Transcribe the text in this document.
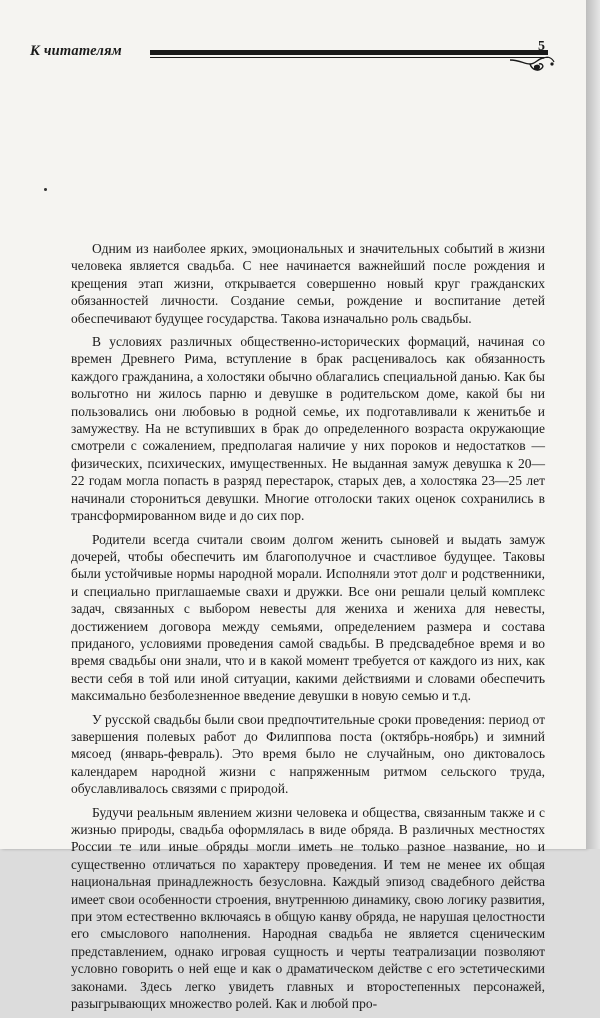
К читателям	5

Одним из наиболее ярких, эмоциональных и значительных событий в жизни человека является свадьба. С нее начинается важнейший после рождения и крещения этап жизни, открывается совершенно новый круг гражданских обязанностей личности. Создание семьи, рождение и воспитание детей обеспечивают будущее государства. Такова изначально роль свадьбы.

В условиях различных общественно-исторических формаций, начиная со времен Древнего Рима, вступление в брак расценивалось как обязанность каждого гражданина, а холостяки обычно облагались специальной данью. Как бы вольготно ни жилось парню и девушке в родительском доме, какой бы ни пользовались они любовью в родной семье, их подготавливали к женитьбе и замужеству. На не вступивших в брак до определенного возраста окружающие смотрели с сожалением, предполагая наличие у них пороков и недостатков — физических, психических, имущественных. Не выданная замуж девушка к 20—22 годам могла попасть в разряд перестарок, старых дев, а холостяка 23—25 лет начинали сторониться девушки. Многие отголоски таких оценок сохранились в трансформированном виде и до сих пор.

Родители всегда считали своим долгом женить сыновей и выдать замуж дочерей, чтобы обеспечить им благополучное и счастливое будущее. Таковы были устойчивые нормы народной морали. Исполняли этот долг и родственники, и специально приглашаемые свахи и дружки. Все они решали целый комплекс задач, связанных с выбором невесты для жениха и жениха для невесты, достижением договора между семьями, определением размера и состава приданого, условиями проведения самой свадьбы. В предсвадебное время и во время свадьбы они знали, что и в какой момент требуется от каждого из них, как вести себя в той или иной ситуации, какими действиями и словами обеспечить максимально безболезненное введение девушки в новую семью и т.д.

У русской свадьбы были свои предпочтительные сроки проведения: период от завершения полевых работ до Филиппова поста (октябрь-ноябрь) и зимний мясоед (январь-февраль). Это время было не случайным, оно диктовалось календарем народной жизни с напряженным ритмом сельского труда, обуславливалось связями с природой.

Будучи реальным явлением жизни человека и общества, связанным также и с жизнью природы, свадьба оформлялась в виде обряда. В различных местностях России те или иные обряды могли иметь не только разное название, но и существенно отличаться по характеру проведения. И тем не менее их общая национальная принадлежность безусловна. Каждый эпизод свадебного действа имеет свои особенности строения, внутреннюю динамику, свою логику развития, при этом естественно включаясь в общую канву обряда, не нарушая целостности его смыслового наполнения. Народная свадьба не является сценическим представлением, однако игровая сущность и черты театрализации позволяют условно говорить о ней еще и как о драматическом действе с его эстетическими законами. Здесь легко увидеть главных и второстепенных персонажей, разыгрывающих множество ролей. Как и любой про-
